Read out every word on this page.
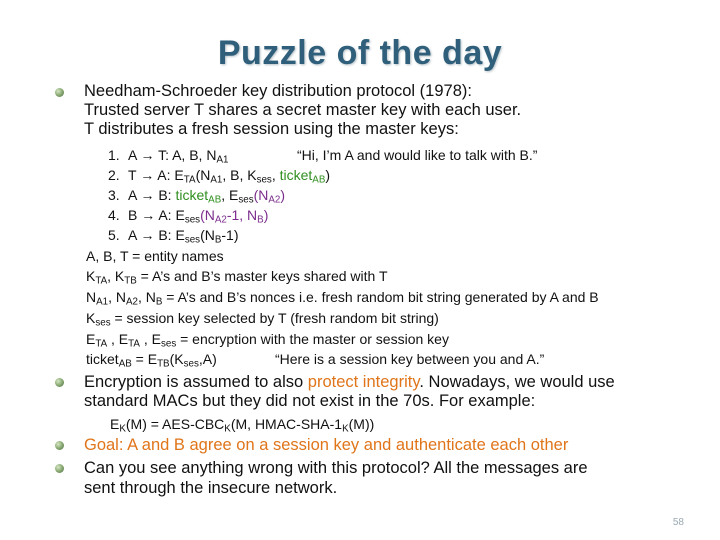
Puzzle of the day
Needham-Schroeder key distribution protocol (1978):
Trusted server T shares a secret master key with each user.
T distributes a fresh session using the master keys:
1. A → T: A, B, $N_{A1}$	“Hi, I’m A and would like to talk with B.”
2. T → A: $E_{TA}(N_{A1}$, B, $K_{ses}$, ticket$_{AB}$)
3. A → B: ticket$_{AB}$, $E_{ses}(N_{A2})$
4. B → A: $E_{ses}(N_{A2}-1$, $N_B$)
5. A → B: $E_{ses}(N_B-1)$
A, B, T = entity names
$K_{TA}$, $K_{TB}$ = A’s and B’s master keys shared with T
$N_{A1}$, $N_{A2}$, $N_B$ = A’s and B’s nonces i.e. fresh random bit string generated by A and B
$K_{ses}$ = session key selected by T (fresh random bit string)
$E_{TA}$ , $E_{TA}$ , $E_{ses}$ = encryption with the master or session key
ticket$_{AB}$ = $E_{TB}(K_{ses},A)$	“Here is a session key between you and A.”
Encryption is assumed to also protect integrity. Nowadays, we would use
standard MACs but they did not exist in the 70s. For example:
$E_K(M) = AES-CBC_K(M$, HMAC-$SHA-1_K(M)$)
Goal: A and B agree on a session key and authenticate each other
Can you see anything wrong with this protocol? All the messages are
sent through the insecure network.
58
